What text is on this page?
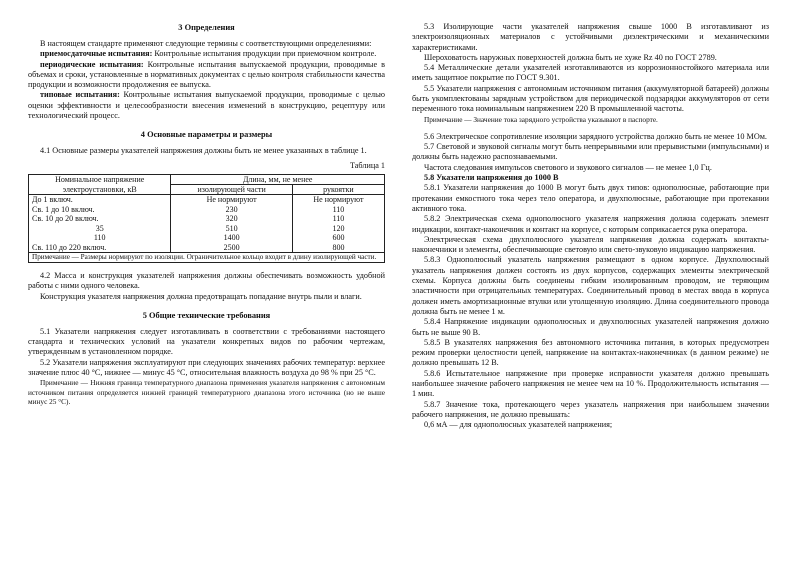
3 Определения

В настоящем стандарте применяют следующие термины с соответствующими определениями:

приемосдаточные испытания: Контрольные испытания продукции при приемочном контроле.

периодические испытания: Контрольные испытания выпускаемой продукции, проводимые в объемах и сроки, установленные в нормативных документах с целью контроля стабильности качества продукции и возможности продолжения ее выпуска.

типовые испытания: Контрольные испытания выпускаемой продукции, проводимые с целью оценки эффективности и целесообразности внесения изменений в конструкцию, рецептуру или технологический процесс.

4 Основные параметры и размеры

4.1 Основные размеры указателей напряжения должны быть не менее указанных в таблице 1.

Таблица 1
Номинальное напряжение электроустановки, кВ	Длина, мм, не менее	
	изолирующей части	рукоятки
До 1 включ.	Не нормируют	Не нормируют
Св. 1 до 10 включ.	230	110
Св. 10 до 20 включ.	320	110
35	510	120
110	1400	600
Св. 110 до 220 включ.	2500	800
Примечание — Размеры нормируют по изоляции. Ограничительное кольцо входит в длину изолирующей части.		

4.2 Масса и конструкция указателей напряжения должны обеспечивать возможность удобной работы с ними одного человека.

Конструкция указателя напряжения должна предотвращать попадание внутрь пыли и влаги.

5 Общие технические требования

5.1 Указатели напряжения следует изготавливать в соответствии с требованиями настоящего стандарта и технических условий на указатели конкретных видов по рабочим чертежам, утвержденным в установленном порядке.

5.2 Указатели напряжения эксплуатируют при следующих значениях рабочих температур: верхнее значение плюс 40 °С, нижнее — минус 45 °С, относительная влажность воздуха до 98 % при 25 °С.

Примечание — Нижняя граница температурного диапазона применения указателя напряжения с автономным источником питания определяется нижней границей температурного диапазона этого источника (но не выше минус 25 °С).

5.3 Изолирующие части указателей напряжения свыше 1000 В изготавливают из электроизоляционных материалов с устойчивыми диэлектрическими и механическими характеристиками.

Шероховатость наружных поверхностей должна быть не хуже Rz 40 по ГОСТ 2789.

5.4 Металлические детали указателей изготавливаются из коррозионностойкого материала или иметь защитное покрытие по ГОСТ 9.301.

5.5 Указатели напряжения с автономным источником питания (аккумуляторной батареей) должны быть укомплектованы зарядным устройством для периодической подзарядки аккумуляторов от сети переменного тока номинальным напряжением 220 В промышленной частоты.

Примечание — Значение тока зарядного устройства указывают в паспорте.

5.6 Электрическое сопротивление изоляции зарядного устройства должно быть не менее 10 МОм.

5.7 Световой и звуковой сигналы могут быть непрерывными или прерывистыми (импульсными) и должны быть надежно распознаваемыми.

Частота следования импульсов светового и звукового сигналов — не менее 1,0 Гц.

5.8 Указатели напряжения до 1000 В

5.8.1 Указатели напряжения до 1000 В могут быть двух типов: однополюсные, работающие при протекании емкостного тока через тело оператора, и двухполюсные, работающие при протекании активного тока.

5.8.2 Электрическая схема однополюсного указателя напряжения должна содержать элемент индикации, контакт-наконечник и контакт на корпусе, с которым соприкасается рука оператора.

Электрическая схема двухполюсного указателя напряжения должна содержать контакты-наконечники и элементы, обеспечивающие световую или свето-звуковую индикацию напряжения.

5.8.3 Однополюсный указатель напряжения размещают в одном корпусе. Двухполюсный указатель напряжения должен состоять из двух корпусов, содержащих элементы электрической схемы. Корпуса должны быть соединены гибким изолированным проводом, не теряющим эластичности при отрицательных температурах. Соединительный провод в местах ввода в корпуса должен иметь амортизационные втулки или утолщенную изоляцию. Длина соединительного провода должна быть не менее 1 м.

5.8.4 Напряжение индикации однополюсных и двухполюсных указателей напряжения должно быть не выше 90 В.

5.8.5 В указателях напряжения без автономного источника питания, в которых предусмотрен режим проверки целостности цепей, напряжение на контактах-наконечниках (в данном режиме) не должно превышать 12 В.

5.8.6 Испытательное напряжение при проверке исправности указателя должно превышать наибольшее значение рабочего напряжения не менее чем на 10 %. Продолжительность испытания — 1 мин.

5.8.7 Значение тока, протекающего через указатель напряжения при наибольшем значении рабочего напряжения, не должно превышать:

0,6 мА — для однополюсных указателей напряжения;
